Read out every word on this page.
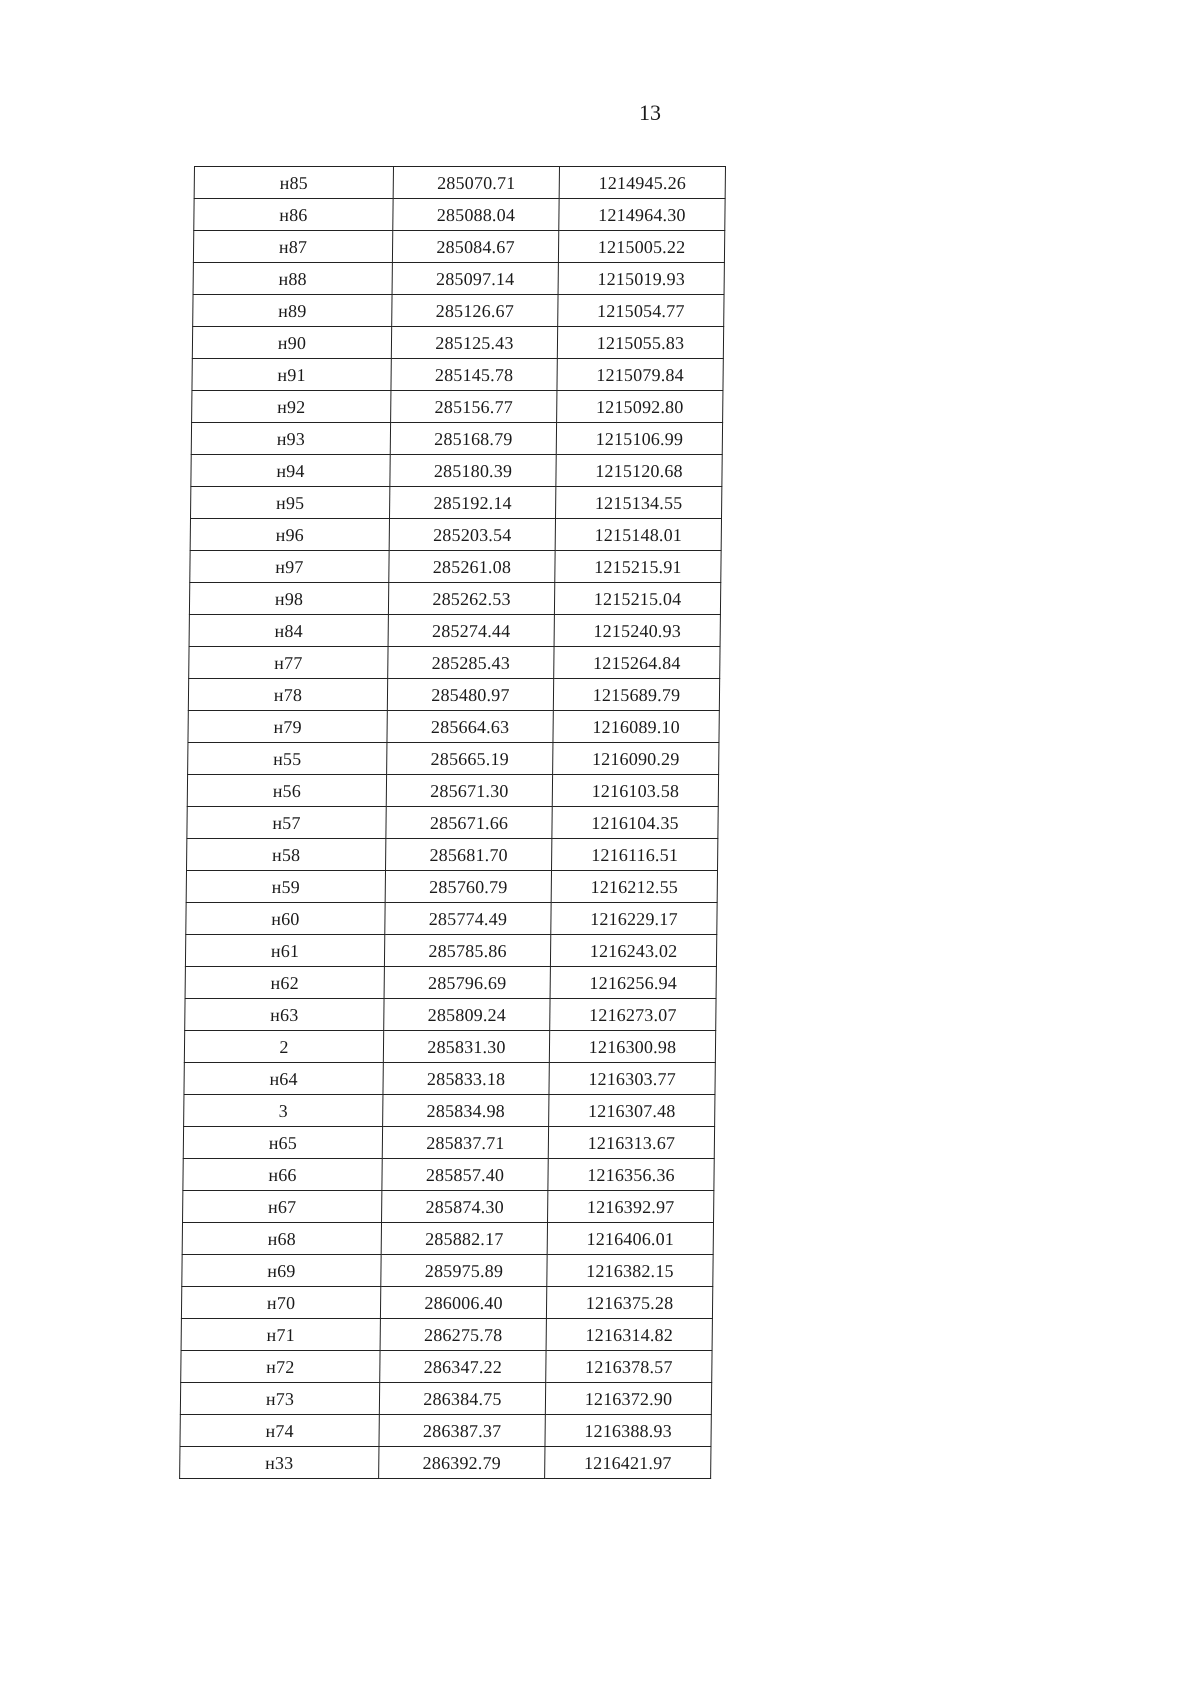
13
н85	285070.71	1214945.26
н86	285088.04	1214964.30
н87	285084.67	1215005.22
н88	285097.14	1215019.93
н89	285126.67	1215054.77
н90	285125.43	1215055.83
н91	285145.78	1215079.84
н92	285156.77	1215092.80
н93	285168.79	1215106.99
н94	285180.39	1215120.68
н95	285192.14	1215134.55
н96	285203.54	1215148.01
н97	285261.08	1215215.91
н98	285262.53	1215215.04
н84	285274.44	1215240.93
н77	285285.43	1215264.84
н78	285480.97	1215689.79
н79	285664.63	1216089.10
н55	285665.19	1216090.29
н56	285671.30	1216103.58
н57	285671.66	1216104.35
н58	285681.70	1216116.51
н59	285760.79	1216212.55
н60	285774.49	1216229.17
н61	285785.86	1216243.02
н62	285796.69	1216256.94
н63	285809.24	1216273.07
2	285831.30	1216300.98
н64	285833.18	1216303.77
3	285834.98	1216307.48
н65	285837.71	1216313.67
н66	285857.40	1216356.36
н67	285874.30	1216392.97
н68	285882.17	1216406.01
н69	285975.89	1216382.15
н70	286006.40	1216375.28
н71	286275.78	1216314.82
н72	286347.22	1216378.57
н73	286384.75	1216372.90
н74	286387.37	1216388.93
н33	286392.79	1216421.97
